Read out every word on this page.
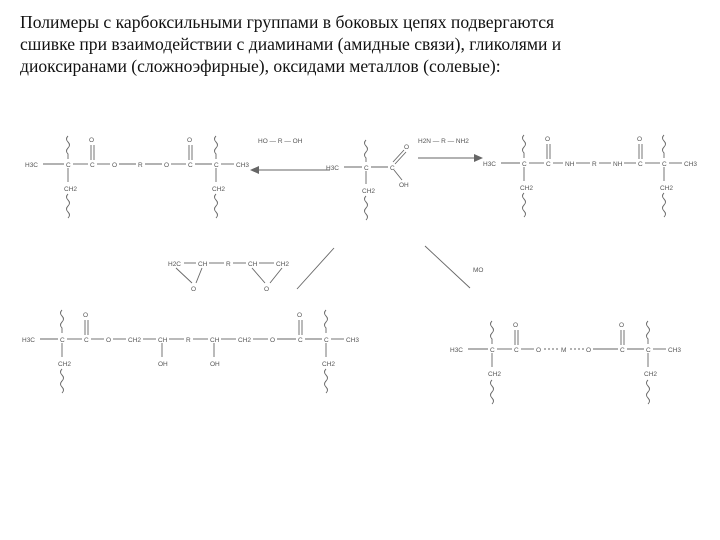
Полимеры с карбоксильными группами в боковых цепях подвергаются
сшивке при взаимодействии с диаминами (амидные связи), гликолями и
диоксиранами (сложноэфирные), оксидами металлов (солевые):
H3C	C	C
O
OH
CH2
HO — R — OH	H2N — R — NH2
H3C	C
CH2
C
O
O	R	O	C
O
C	CH3
CH2
H3C	C
CH2
C
O
NH	R	NH C
O
C	CH3
CH2
H2C	CH	R	CH	CH2
O	O
MO
H3C	C
CH2
C
O
O	CH2	CH
OH
R	CH
OH
CH2	O	C
O
C	CH3
CH2
H3C	C
CH2
C
O
O	M	O	C
O
C	CH3
CH2
